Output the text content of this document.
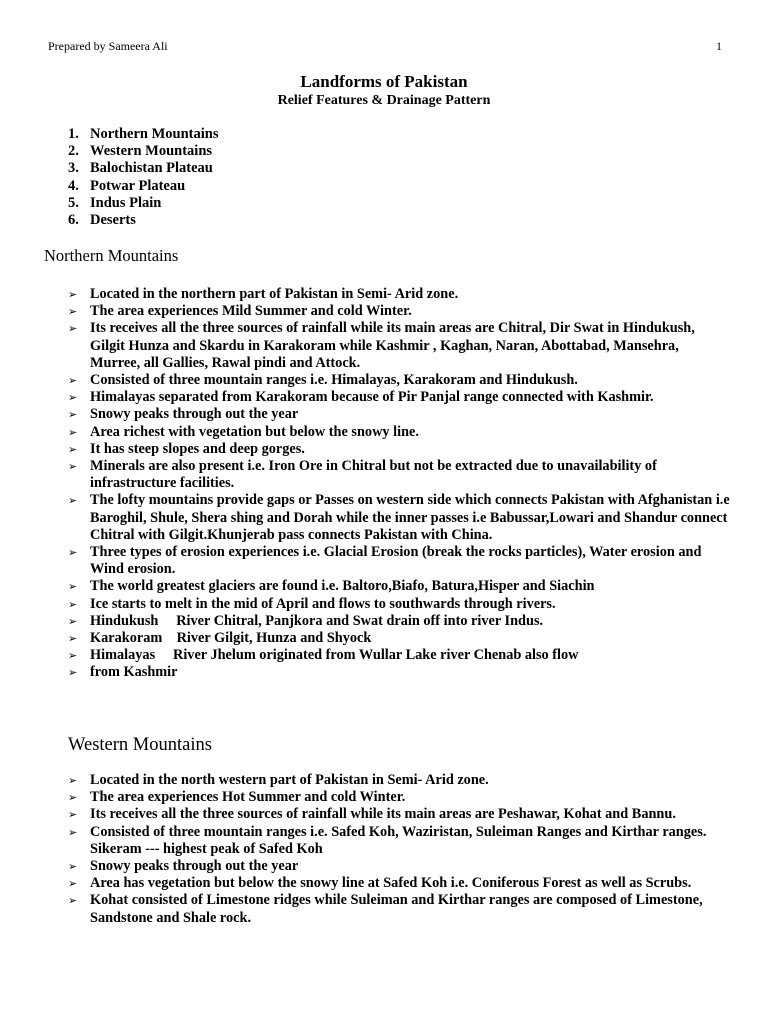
Prepared by Sameera Ali	1
Landforms of Pakistan
Relief Features & Drainage Pattern
1. Northern Mountains
2. Western Mountains
3. Balochistan Plateau
4. Potwar Plateau
5. Indus Plain
6. Deserts
Northern Mountains
➢ Located in the northern part of Pakistan in Semi- Arid zone.
➢ The area experiences Mild Summer and cold Winter.
➢ Its receives all the three sources of rainfall while its main areas are Chitral, Dir Swat in Hindukush, Gilgit Hunza and Skardu in Karakoram while Kashmir , Kaghan, Naran, Abottabad, Mansehra, Murree, all Gallies, Rawal pindi and Attock.
➢ Consisted of three mountain ranges i.e. Himalayas, Karakoram and Hindukush.
➢ Himalayas separated from Karakoram because of Pir Panjal range connected with Kashmir.
➢ Snowy peaks through out the year
➢ Area richest with vegetation but below the snowy line.
➢ It has steep slopes and deep gorges.
➢ Minerals are also present i.e. Iron Ore in Chitral but not be extracted due to unavailability of infrastructure facilities.
➢ The lofty mountains provide gaps or Passes on western side which connects Pakistan with Afghanistan i.e Baroghil, Shule, Shera shing and Dorah while the inner passes i.e Babussar,Lowari and Shandur connect Chitral with Gilgit.Khunjerab pass connects Pakistan with China.
➢ Three types of erosion experiences i.e. Glacial Erosion (break the rocks particles), Water erosion and Wind erosion.
➢ The world greatest glaciers are found i.e. Baltoro,Biafo, Batura,Hisper and Siachin
➢ Ice starts to melt in the mid of April and flows to southwards through rivers.
➢ Hindukush     River Chitral, Panjkora and Swat drain off into river Indus.
➢ Karakoram    River Gilgit, Hunza and Shyock
➢ Himalayas     River Jhelum originated from Wullar Lake river Chenab also flow
➢ from Kashmir
Western Mountains
➢ Located in the north western part of Pakistan in Semi- Arid zone.
➢ The area experiences Hot Summer and cold Winter.
➢ Its receives all the three sources of rainfall while its main areas are Peshawar, Kohat and Bannu.
➢ Consisted of three mountain ranges i.e. Safed Koh, Waziristan, Suleiman Ranges and Kirthar ranges. Sikeram --- highest peak of Safed Koh
➢ Snowy peaks through out the year
➢ Area has vegetation but below the snowy line at Safed Koh i.e. Coniferous Forest as well as Scrubs.
➢ Kohat consisted of Limestone ridges while Suleiman and Kirthar ranges are composed of Limestone, Sandstone and Shale rock.
